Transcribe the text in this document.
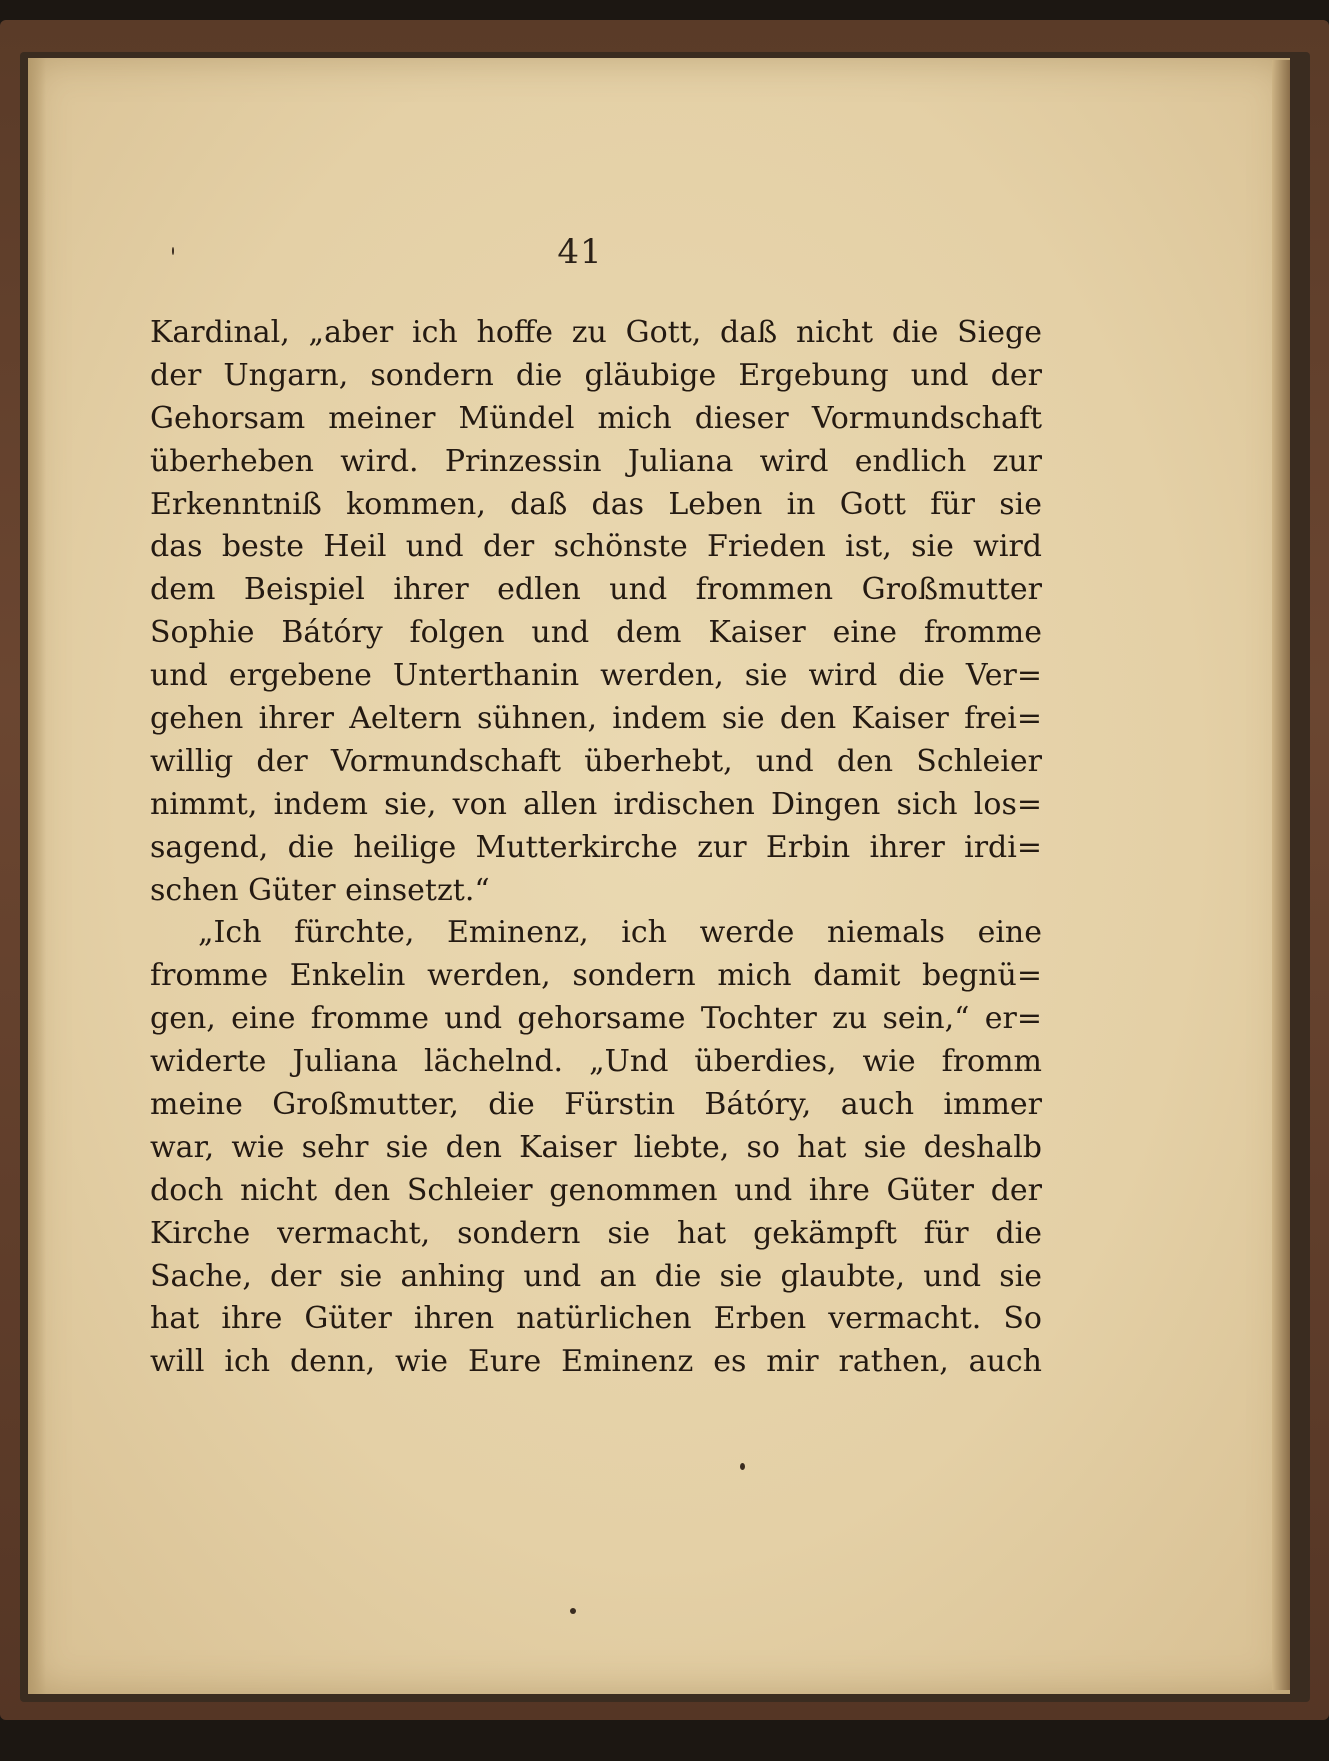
41
Kardinal, „aber ich hoffe zu Gott, daß nicht die Siege
der Ungarn, sondern die gläubige Ergebung und der
Gehorsam meiner Mündel mich dieser Vormundschaft
überheben wird. Prinzessin Juliana wird endlich zur
Erkenntniß kommen, daß das Leben in Gott für sie
das beste Heil und der schönste Frieden ist, sie wird
dem Beispiel ihrer edlen und frommen Großmutter
Sophie Bátóry folgen und dem Kaiser eine fromme
und ergebene Unterthanin werden, sie wird die Ver=
gehen ihrer Aeltern sühnen, indem sie den Kaiser frei=
willig der Vormundschaft überhebt, und den Schleier
nimmt, indem sie, von allen irdischen Dingen sich los=
sagend, die heilige Mutterkirche zur Erbin ihrer irdi=
schen Güter einsetzt.“
„Ich fürchte, Eminenz, ich werde niemals eine
fromme Enkelin werden, sondern mich damit begnü=
gen, eine fromme und gehorsame Tochter zu sein,“ er=
widerte Juliana lächelnd. „Und überdies, wie fromm
meine Großmutter, die Fürstin Bátóry, auch immer
war, wie sehr sie den Kaiser liebte, so hat sie deshalb
doch nicht den Schleier genommen und ihre Güter der
Kirche vermacht, sondern sie hat gekämpft für die
Sache, der sie anhing und an die sie glaubte, und sie
hat ihre Güter ihren natürlichen Erben vermacht. So
will ich denn, wie Eure Eminenz es mir rathen, auch
